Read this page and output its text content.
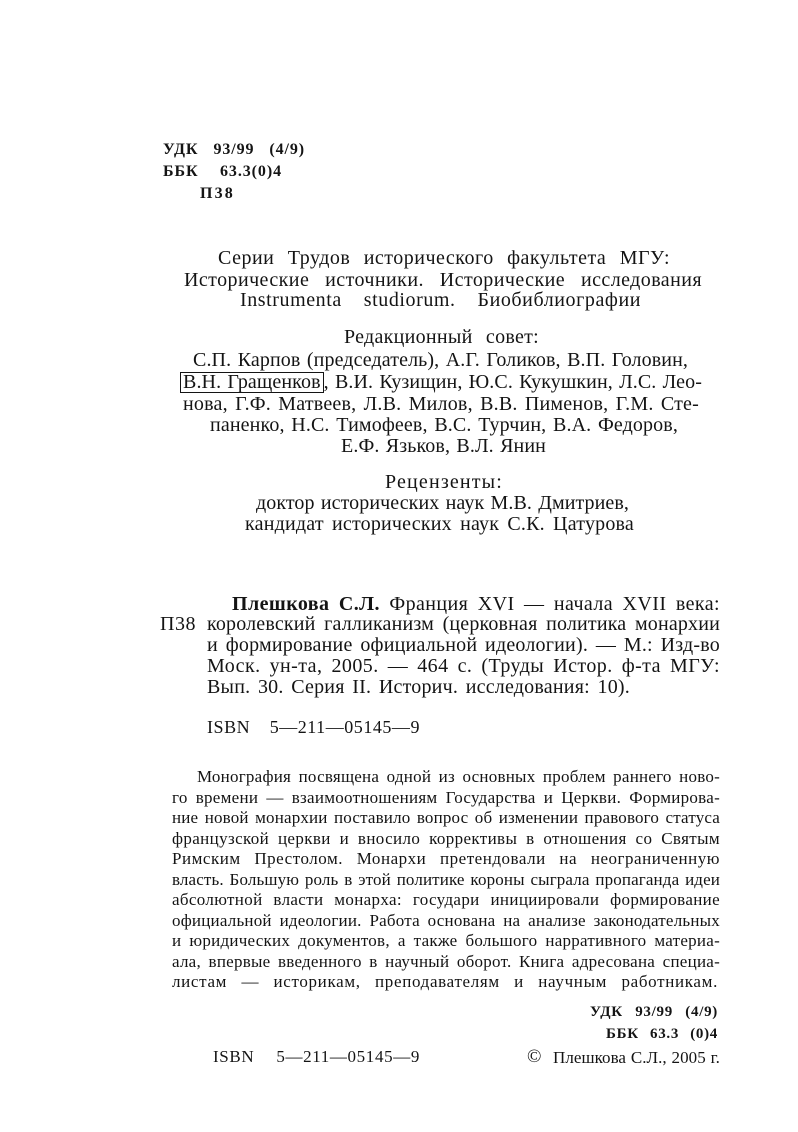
УДК 93/99 (4/9)
ББК 63.3(0)4
П38
Серии Трудов исторического факультета МГУ:
Исторические источники. Исторические исследования
Instrumenta studiorum. Биобиблиографии
Редакционный совет:
С.П. Карпов (председатель), А.Г. Голиков, В.П. Головин,
В.Н. Гращенков , В.И. Кузищин, Ю.С. Кукушкин, Л.С. Лео-
нова, Г.Ф. Матвеев, Л.В. Милов, В.В. Пименов, Г.М. Сте-
паненко, Н.С. Тимофеев, В.С. Турчин, В.А. Федоров,
Е.Ф. Язьков, В.Л. Янин
Рецензенты:
доктор исторических наук М.В. Дмитриев,
кандидат исторических наук С.К. Цатурова
Плешкова С.Л. Франция XVI — начала XVII века:
П38 королевский галликанизм (церковная политика монархии
и формирование официальной идеологии). — М.: Изд-во
Моск. ун-та, 2005. — 464 с. (Труды Истор. ф-та МГУ:
Вып. 30. Серия II. Историч. исследования: 10).
ISBN 5—211—05145—9
Монография посвящена одной из основных проблем раннего ново-
го времени — взаимоотношениям Государства и Церкви. Формирова-
ние новой монархии поставило вопрос об изменении правового статуса
французской церкви и вносило коррективы в отношения со Святым
Римским Престолом. Монархи претендовали на неограниченную
власть. Большую роль в этой политике короны сыграла пропаганда идеи
абсолютной власти монарха: государи инициировали формирование
официальной идеологии. Работа основана на анализе законодательных
и юридических документов, а также большого нарративного материа-
ала, впервые введенного в научный оборот. Книга адресована специа-
листам — историкам, преподавателям и научным работникам.
УДК 93/99 (4/9)
ББК 63.3 (0)4
ISBN 5—211—05145—9	© Плешкова С.Л., 2005 г.
